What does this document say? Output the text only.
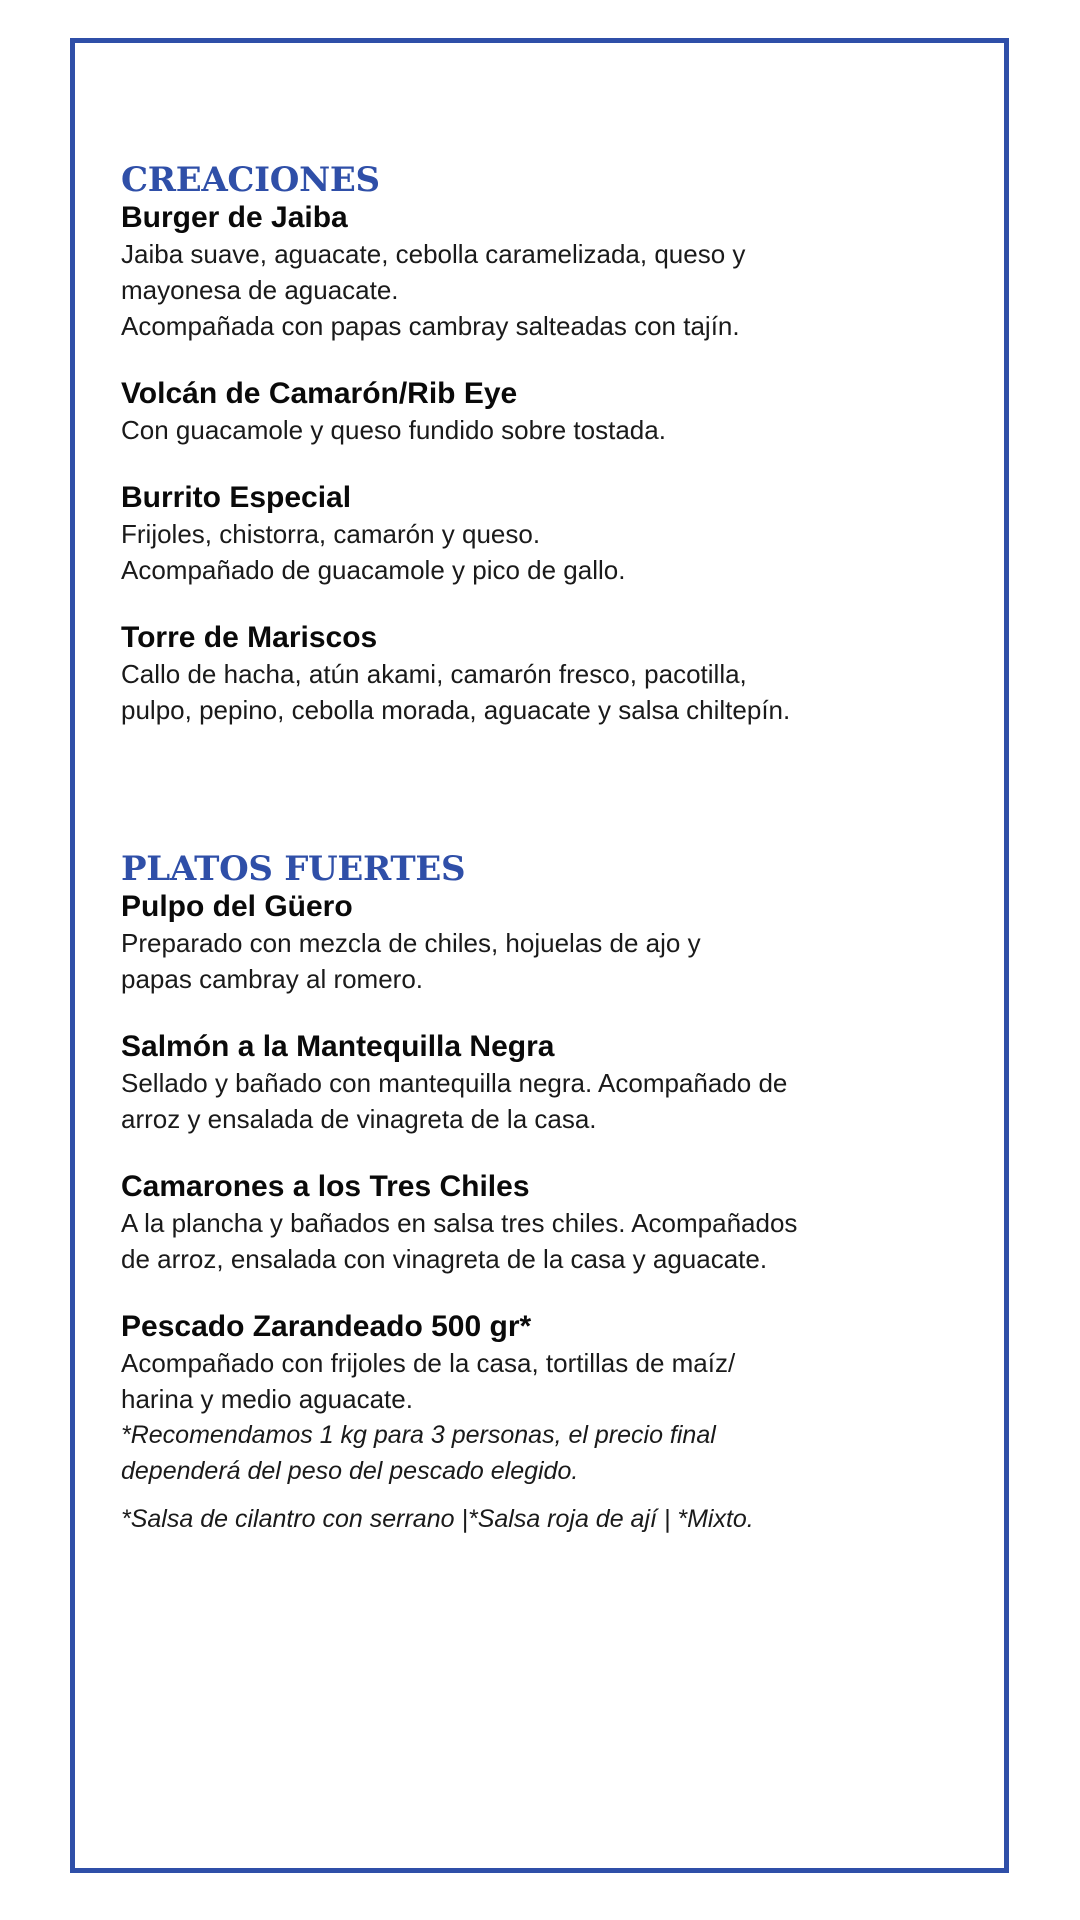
CREACIONES

Burger de Jaiba

Jaiba suave, aguacate, cebolla caramelizada, queso y

mayonesa de aguacate.

Acompañada con papas cambray salteadas con tajín.

Volcán de Camarón/Rib Eye

Con guacamole y queso fundido sobre tostada.

Burrito Especial

Frijoles, chistorra, camarón y queso.

Acompañado de guacamole y pico de gallo.

Torre de Mariscos

Callo de hacha, atún akami, camarón fresco, pacotilla,

pulpo, pepino, cebolla morada, aguacate y salsa chiltepín.

PLATOS FUERTES

Pulpo del Güero

Preparado con mezcla de chiles, hojuelas de ajo y

papas cambray al romero.

Salmón a la Mantequilla Negra

Sellado y bañado con mantequilla negra. Acompañado de

arroz y ensalada de vinagreta de la casa.

Camarones a los Tres Chiles

A la plancha y bañados en salsa tres chiles. Acompañados

de arroz, ensalada con vinagreta de la casa y aguacate.

Pescado Zarandeado 500 gr*

Acompañado con frijoles de la casa, tortillas de maíz/

harina y medio aguacate.

*Recomendamos 1 kg para 3 personas, el precio final

dependerá del peso del pescado elegido.

*Salsa de cilantro con serrano |*Salsa roja de ají | *Mixto.
